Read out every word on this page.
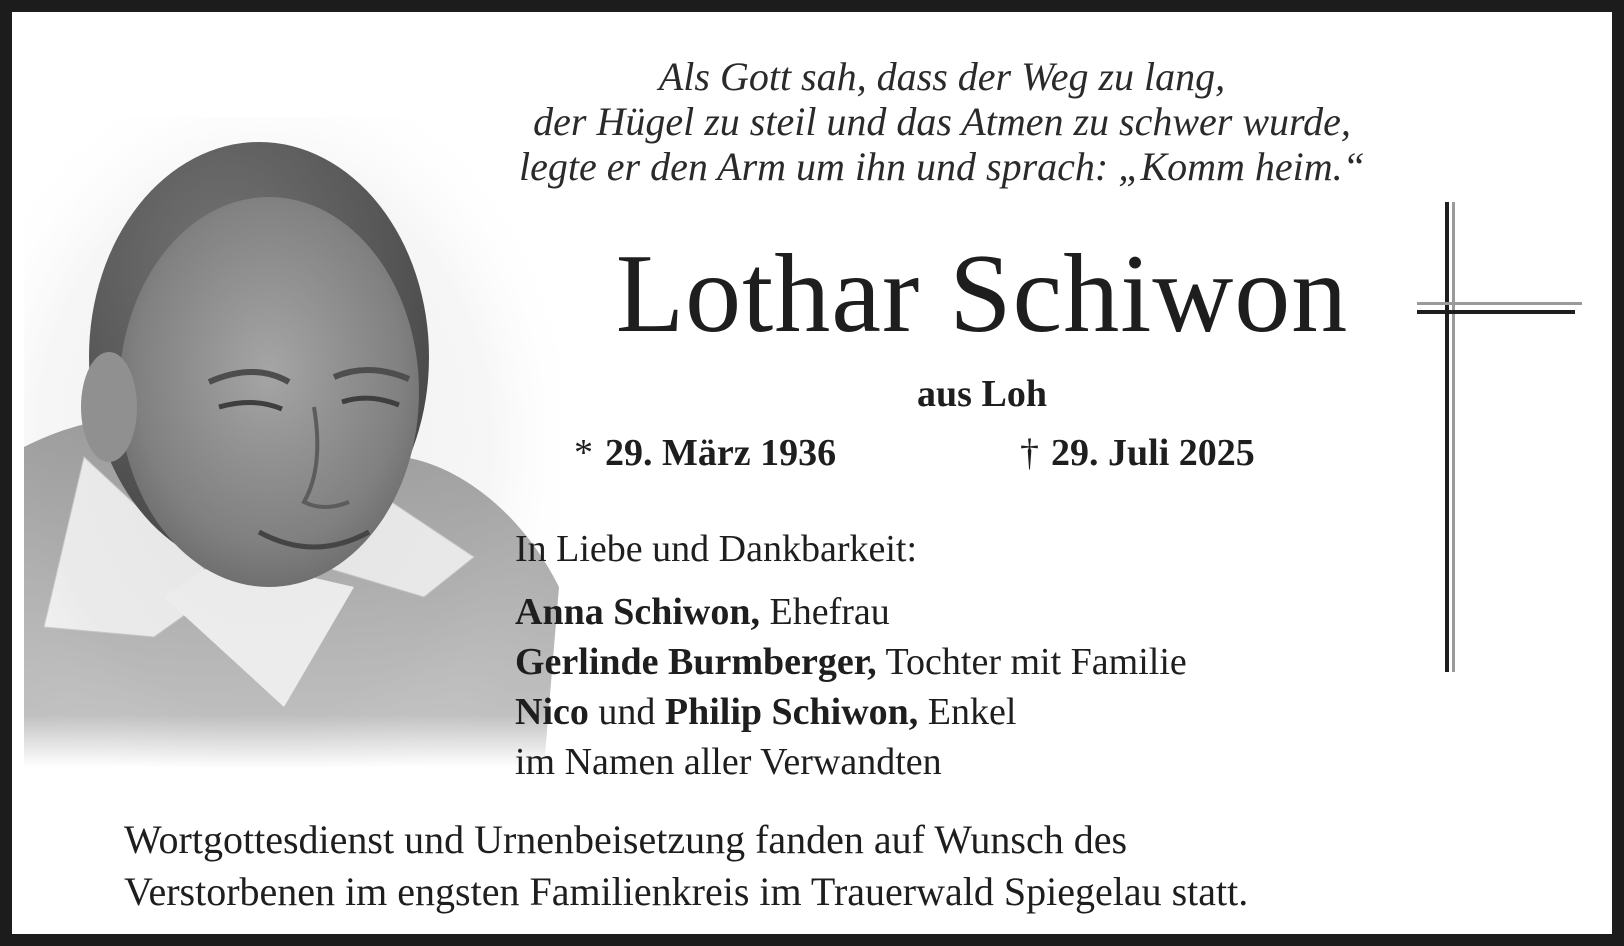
Als Gott sah, dass der Weg zu lang,
der Hügel zu steil und das Atmen zu schwer wurde,
legte er den Arm um ihn und sprach: „Komm heim.“
Lothar Schiwon
aus Loh
* 29. März 1936	† 29. Juli 2025
In Liebe und Dankbarkeit:
Anna Schiwon, Ehefrau
Gerlinde Burmberger, Tochter mit Familie
Nico und Philip Schiwon, Enkel
im Namen aller Verwandten
Wortgottesdienst und Urnenbeisetzung fanden auf Wunsch des
Verstorbenen im engsten Familienkreis im Trauerwald Spiegelau statt.
